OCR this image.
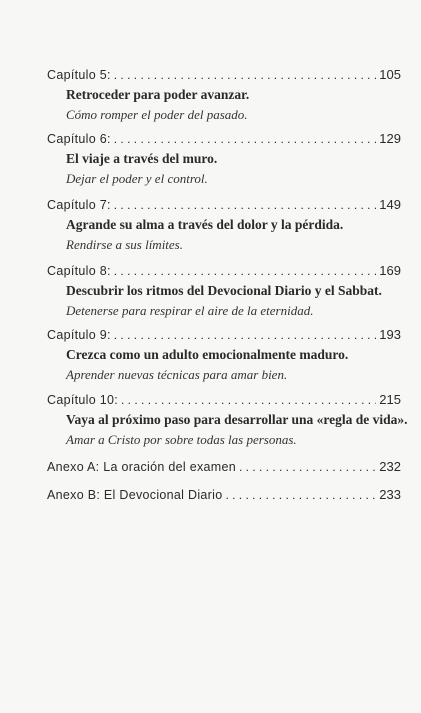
Capítulo 5: . . .	105
Retroceder para poder avanzar.
Cómo romper el poder del pasado.
Capítulo 6: . . .	129
El viaje a través del muro.
Dejar el poder y el control.
Capítulo 7: . . .	149
Agrande su alma a través del dolor y la pérdida.
Rendirse a sus límites.
Capítulo 8: . . .	169
Descubrir los ritmos del Devocional Diario y el Sabbat.
Detenerse para respirar el aire de la eternidad.
Capítulo 9: . . .	193
Crezca como un adulto emocionalmente maduro.
Aprender nuevas técnicas para amar bien.
Capítulo 10: . . .	215
Vaya al próximo paso para desarrollar una «regla de vida».
Amar a Cristo por sobre todas las personas.
Anexo A: La oración del examen . . .	232
Anexo B: El Devocional Diario . . .	233
